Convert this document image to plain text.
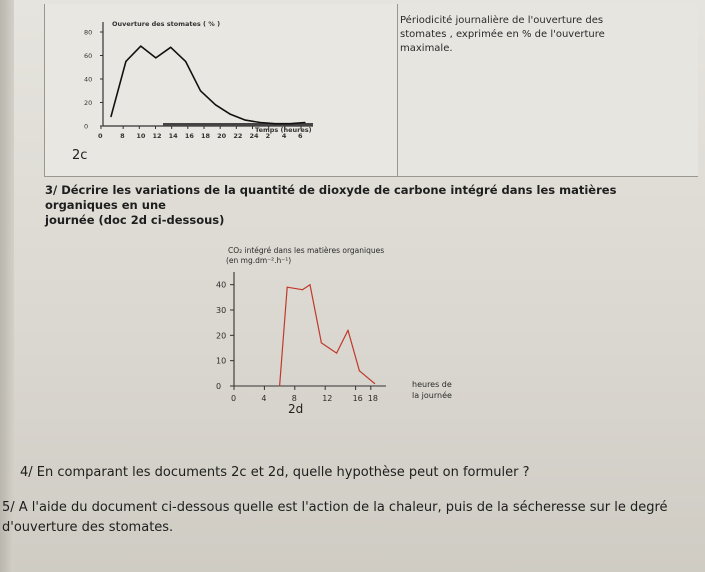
80
60
40
20
0
0	8 10 12 14 16 18 20 22 24 2 4 6
Ouverture des stomates ( % )
Temps (heures)
2c
Périodicité journalière de l'ouverture des
stomates , exprimée en % de l'ouverture
maximale.
3/ Décrire les variations de la quantité de dioxyde de carbone intégré dans les matières organiques en une
journée (doc 2d ci-dessous)
CO₂ intégré dans les matières organiques
(en mg.dm⁻².h⁻¹)
40
30
20
10
0
0	4	8	12	16 18
heures de
la journée
2d
4/ En comparant les documents 2c et 2d, quelle hypothèse peut on formuler ?
5/ A l'aide du document ci-dessous quelle est l'action de la chaleur, puis de la sécheresse sur le degré
d'ouverture des stomates.
